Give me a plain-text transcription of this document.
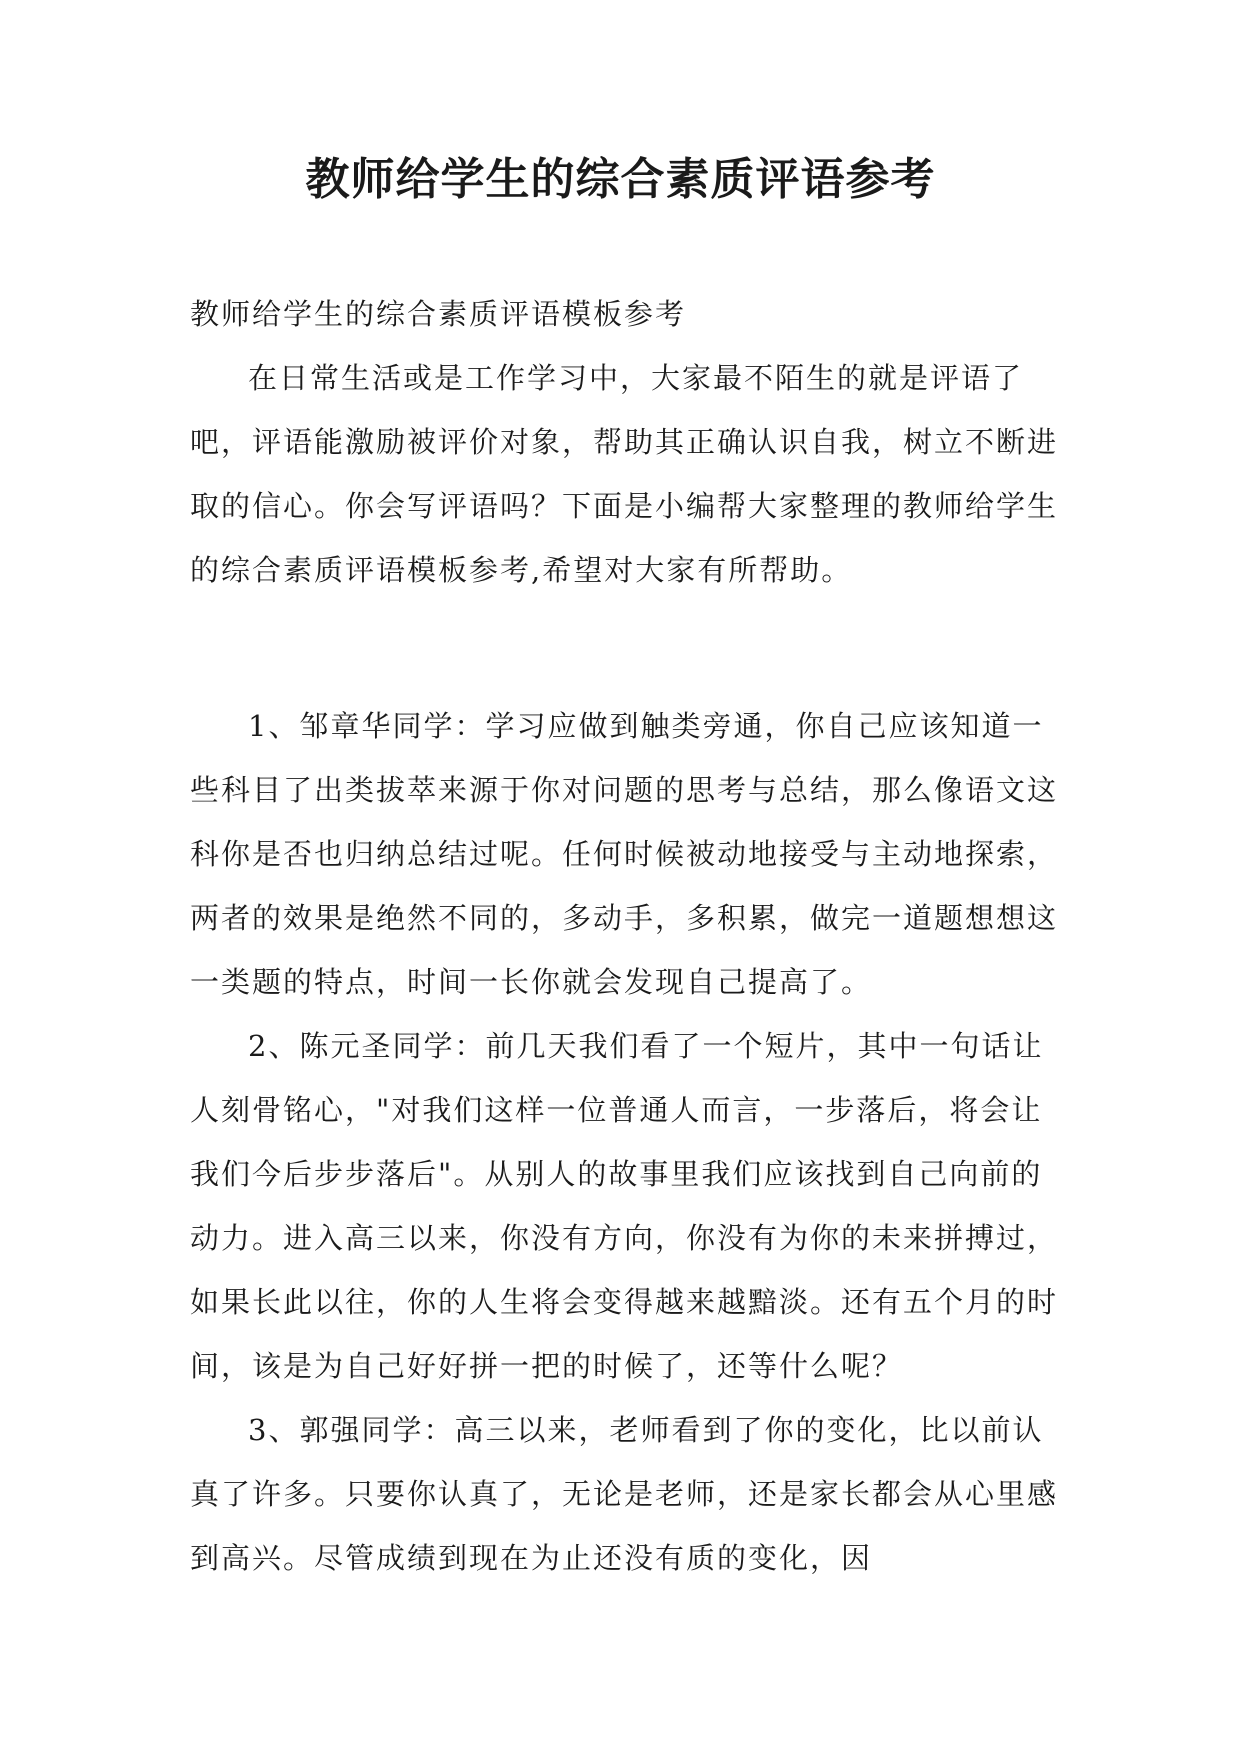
教师给学生的综合素质评语参考

教师给学生的综合素质评语模板参考

在日常生活或是工作学习中，大家最不陌生的就是评语了吧，评语能激励被评价对象，帮助其正确认识自我，树立不断进取的信心。你会写评语吗？下面是小编帮大家整理的教师给学生的综合素质评语模板参考,希望对大家有所帮助。

1、邹章华同学：学习应做到触类旁通，你自己应该知道一些科目了出类拔萃来源于你对问题的思考与总结，那么像语文这科你是否也归纳总结过呢。任何时候被动地接受与主动地探索，两者的效果是绝然不同的，多动手，多积累，做完一道题想想这一类题的特点，时间一长你就会发现自己提高了。

2、陈元圣同学：前几天我们看了一个短片，其中一句话让人刻骨铭心，"对我们这样一位普通人而言，一步落后，将会让我们今后步步落后"。从别人的故事里我们应该找到自己向前的动力。进入高三以来，你没有方向，你没有为你的未来拼搏过，如果长此以往，你的人生将会变得越来越黯淡。还有五个月的时间，该是为自己好好拼一把的时候了，还等什么呢？

3、郭强同学：高三以来，老师看到了你的变化，比以前认真了许多。只要你认真了，无论是老师，还是家长都会从心里感到高兴。尽管成绩到现在为止还没有质的变化，因
